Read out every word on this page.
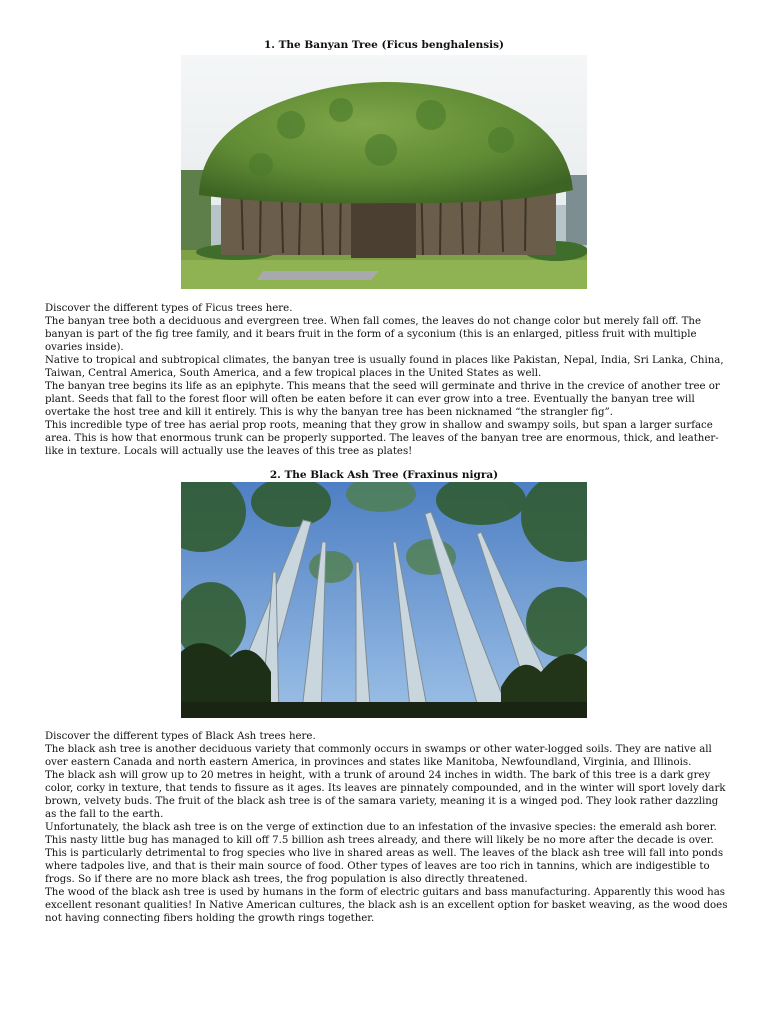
1. The Banyan Tree (Ficus benghalensis)

Discover the different types of Ficus trees here.

The banyan tree both a deciduous and evergreen tree. When fall comes, the leaves do not change color but merely fall off. The banyan is part of the fig tree family, and it bears fruit in the form of a syconium (this is an enlarged, pitless fruit with multiple ovaries inside).

Native to tropical and subtropical climates, the banyan tree is usually found in places like Pakistan, Nepal, India, Sri Lanka, China, Taiwan, Central America, South America, and a few tropical places in the United States as well.

The banyan tree begins its life as an epiphyte. This means that the seed will germinate and thrive in the crevice of another tree or plant. Seeds that fall to the forest floor will often be eaten before it can ever grow into a tree. Eventually the banyan tree will overtake the host tree and kill it entirely. This is why the banyan tree has been nicknamed “the strangler fig”.

This incredible type of tree has aerial prop roots, meaning that they grow in shallow and swampy soils, but span a larger surface area. This is how that enormous trunk can be properly supported. The leaves of the banyan tree are enormous, thick, and leather-like in texture. Locals will actually use the leaves of this tree as plates!

2. The Black Ash Tree (Fraxinus nigra)

Discover the different types of Black Ash trees here.

The black ash tree is another deciduous variety that commonly occurs in swamps or other water-logged soils. They are native all over eastern Canada and north eastern America, in provinces and states like Manitoba, Newfoundland, Virginia, and Illinois.

The black ash will grow up to 20 metres in height, with a trunk of around 24 inches in width. The bark of this tree is a dark grey color, corky in texture, that tends to fissure as it ages. Its leaves are pinnately compounded, and in the winter will sport lovely dark brown, velvety buds. The fruit of the black ash tree is of the samara variety, meaning it is a winged pod. They look rather dazzling as the fall to the earth.

Unfortunately, the black ash tree is on the verge of extinction due to an infestation of the invasive species: the emerald ash borer. This nasty little bug has managed to kill off 7.5 billion ash trees already, and there will likely be no more after the decade is over.

This is particularly detrimental to frog species who live in shared areas as well. The leaves of the black ash tree will fall into ponds where tadpoles live, and that is their main source of food. Other types of leaves are too rich in tannins, which are indigestible to frogs. So if there are no more black ash trees, the frog population is also directly threatened.

The wood of the black ash tree is used by humans in the form of electric guitars and bass manufacturing. Apparently this wood has excellent resonant qualities! In Native American cultures, the black ash is an excellent option for basket weaving, as the wood does not having connecting fibers holding the growth rings together.
